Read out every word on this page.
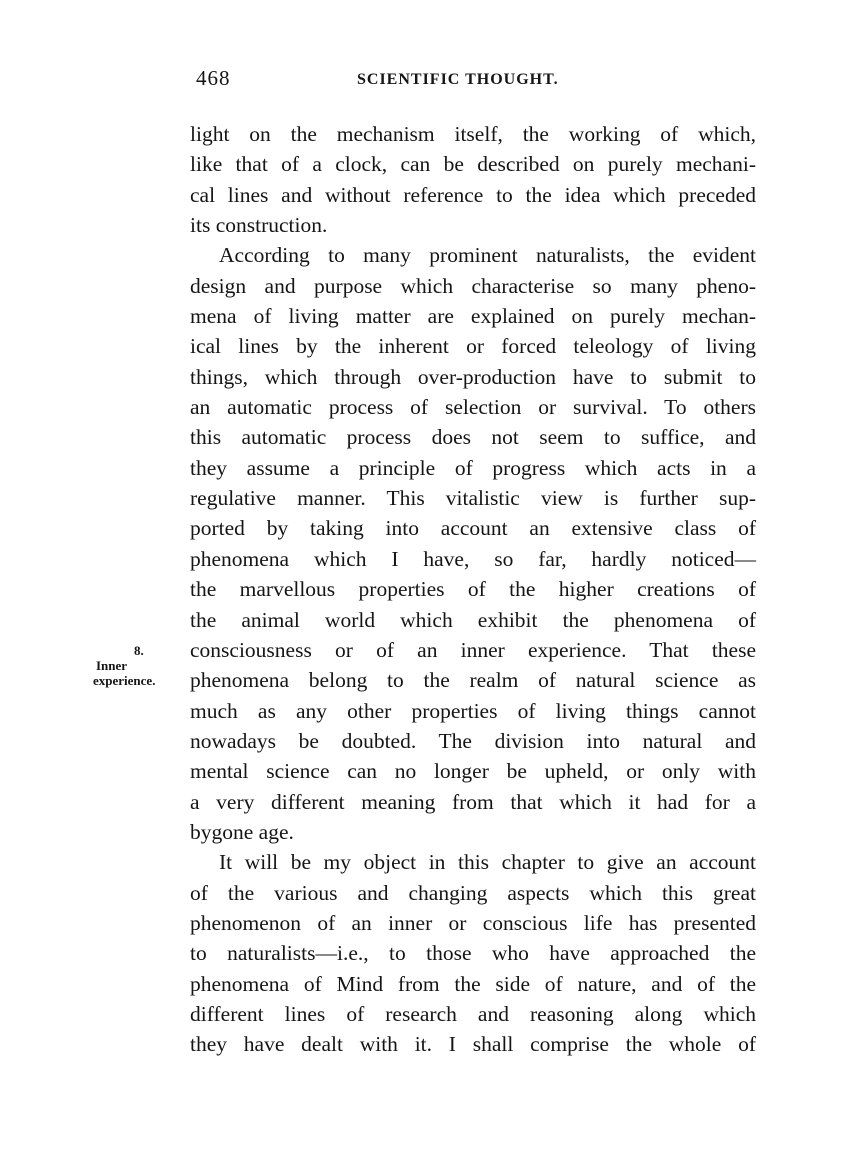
468	SCIENTIFIC THOUGHT.
8.
Inner
experience.
light on the mechanism itself, the working of which,
like that of a clock, can be described on purely mechani-
cal lines and without reference to the idea which preceded
its construction.
According to many prominent naturalists, the evident
design and purpose which characterise so many pheno-
mena of living matter are explained on purely mechan-
ical lines by the inherent or forced teleology of living
things, which through over-production have to submit to
an automatic process of selection or survival. To others
this automatic process does not seem to suffice, and
they assume a principle of progress which acts in a
regulative manner. This vitalistic view is further sup-
ported by taking into account an extensive class of
phenomena which I have, so far, hardly noticed—
the marvellous properties of the higher creations of
the animal world which exhibit the phenomena of
consciousness or of an inner experience. That these
phenomena belong to the realm of natural science as
much as any other properties of living things cannot
nowadays be doubted. The division into natural and
mental science can no longer be upheld, or only with
a very different meaning from that which it had for a
bygone age.
It will be my object in this chapter to give an account
of the various and changing aspects which this great
phenomenon of an inner or conscious life has presented
to naturalists—i.e., to those who have approached the
phenomena of Mind from the side of nature, and of the
different lines of research and reasoning along which
they have dealt with it. I shall comprise the whole of
